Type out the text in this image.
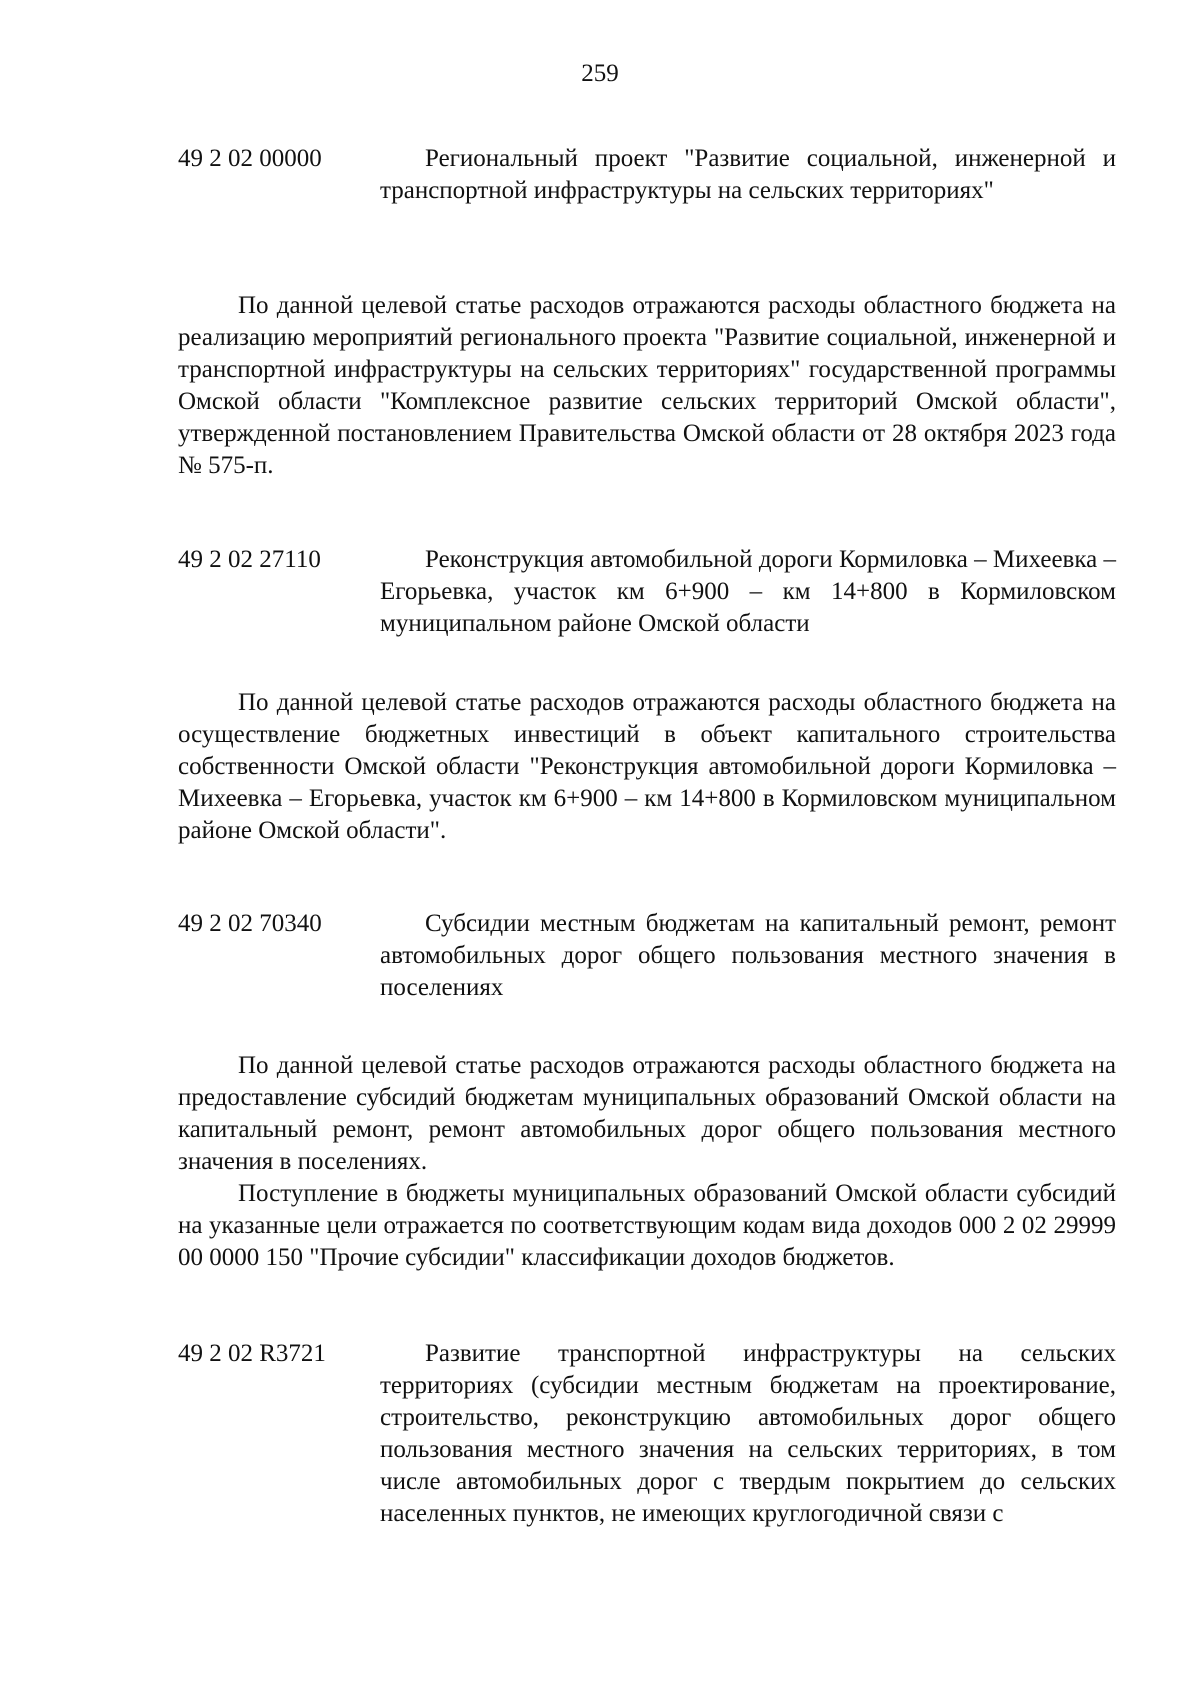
259
49 2 02 00000	Региональный проект "Развитие социальной, инженерной и транспортной инфраструктуры на сельских территориях"
По данной целевой статье расходов отражаются расходы областного бюджета на реализацию мероприятий регионального проекта "Развитие социальной, инженерной и транспортной инфраструктуры на сельских территориях" государственной программы Омской области "Комплексное развитие сельских территорий Омской области", утвержденной постановлением Правительства Омской области от 28 октября 2023 года № 575-п.
49 2 02 27110	Реконструкция автомобильной дороги Кормиловка – Михеевка – Егорьевка, участок км 6+900 – км 14+800 в Кормиловском муниципальном районе Омской области
По данной целевой статье расходов отражаются расходы областного бюджета на осуществление бюджетных инвестиций в объект капитального строительства собственности Омской области "Реконструкция автомобильной дороги Кормиловка – Михеевка – Егорьевка, участок км 6+900 – км 14+800 в Кормиловском муниципальном районе Омской области".
49 2 02 70340	Субсидии местным бюджетам на капитальный ремонт, ремонт автомобильных дорог общего пользования местного значения в поселениях
По данной целевой статье расходов отражаются расходы областного бюджета на предоставление субсидий бюджетам муниципальных образований Омской области на капитальный ремонт, ремонт автомобильных дорог общего пользования местного значения в поселениях.
Поступление в бюджеты муниципальных образований Омской области субсидий на указанные цели отражается по соответствующим кодам вида доходов 000 2 02 29999 00 0000 150 "Прочие субсидии" классификации доходов бюджетов.
49 2 02 R3721	Развитие транспортной инфраструктуры на сельских территориях (субсидии местным бюджетам на проектирование, строительство, реконструкцию автомобильных дорог общего пользования местного значения на сельских территориях, в том числе автомобильных дорог с твердым покрытием до сельских населенных пунктов, не имеющих круглогодичной связи с
